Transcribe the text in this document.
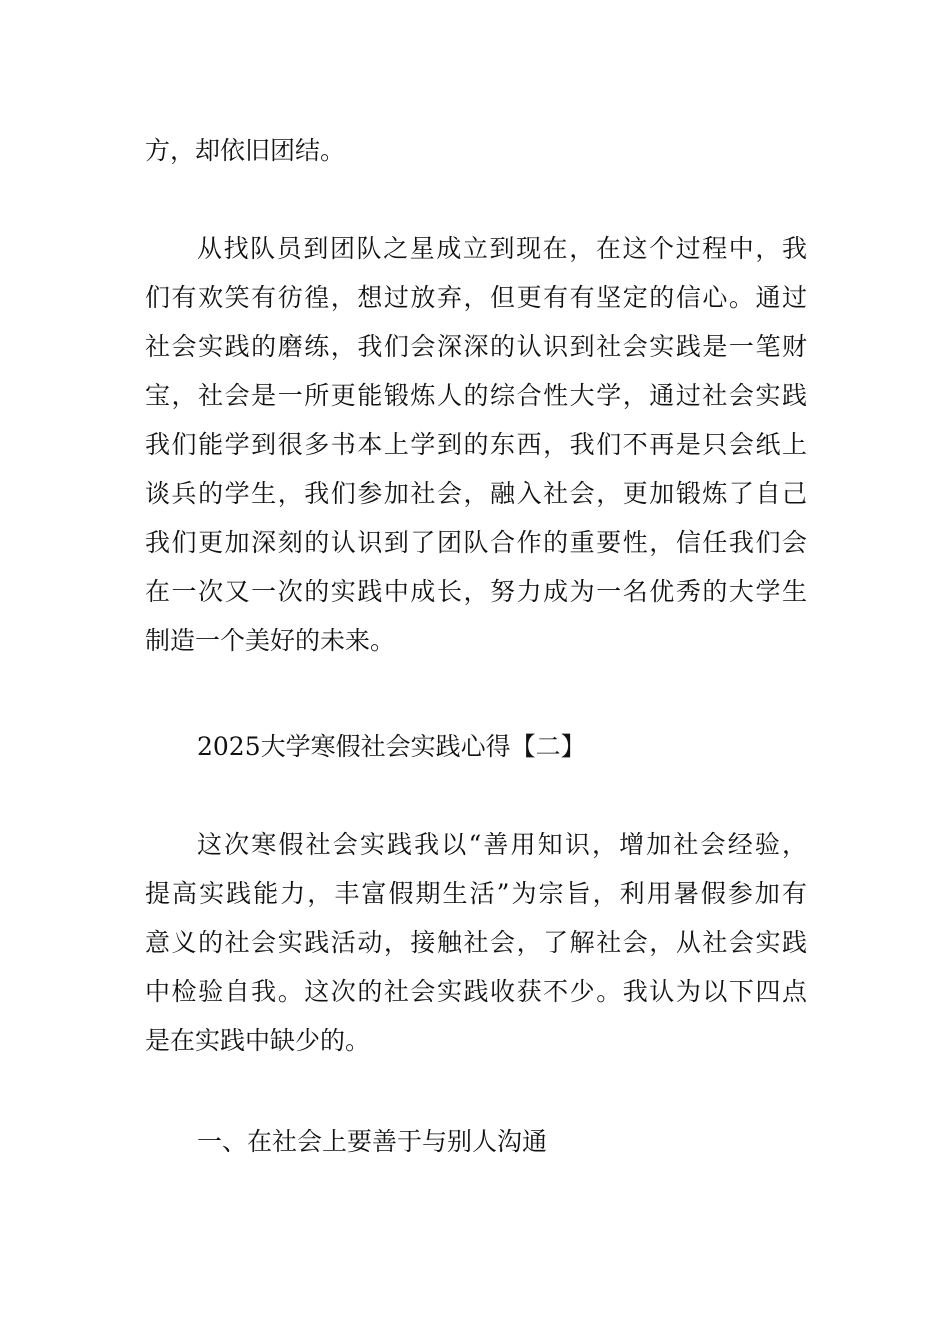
方，却依旧团结。

从找队员到团队之星成立到现在，在这个过程中，我
们有欢笑有彷徨，想过放弃，但更有有坚定的信心。通过
社会实践的磨练，我们会深深的认识到社会实践是一笔财
宝，社会是一所更能锻炼人的综合性大学，通过社会实践
我们能学到很多书本上学到的东西，我们不再是只会纸上
谈兵的学生，我们参加社会，融入社会，更加锻炼了自己
我们更加深刻的认识到了团队合作的重要性，信任我们会
在一次又一次的实践中成长，努力成为一名优秀的大学生
制造一个美好的未来。

2025大学寒假社会实践心得【二】

这次寒假社会实践我以“善用知识，增加社会经验，
提高实践能力，丰富假期生活”为宗旨，利用暑假参加有
意义的社会实践活动，接触社会，了解社会，从社会实践
中检验自我。这次的社会实践收获不少。我认为以下四点
是在实践中缺少的。

一、在社会上要善于与别人沟通
